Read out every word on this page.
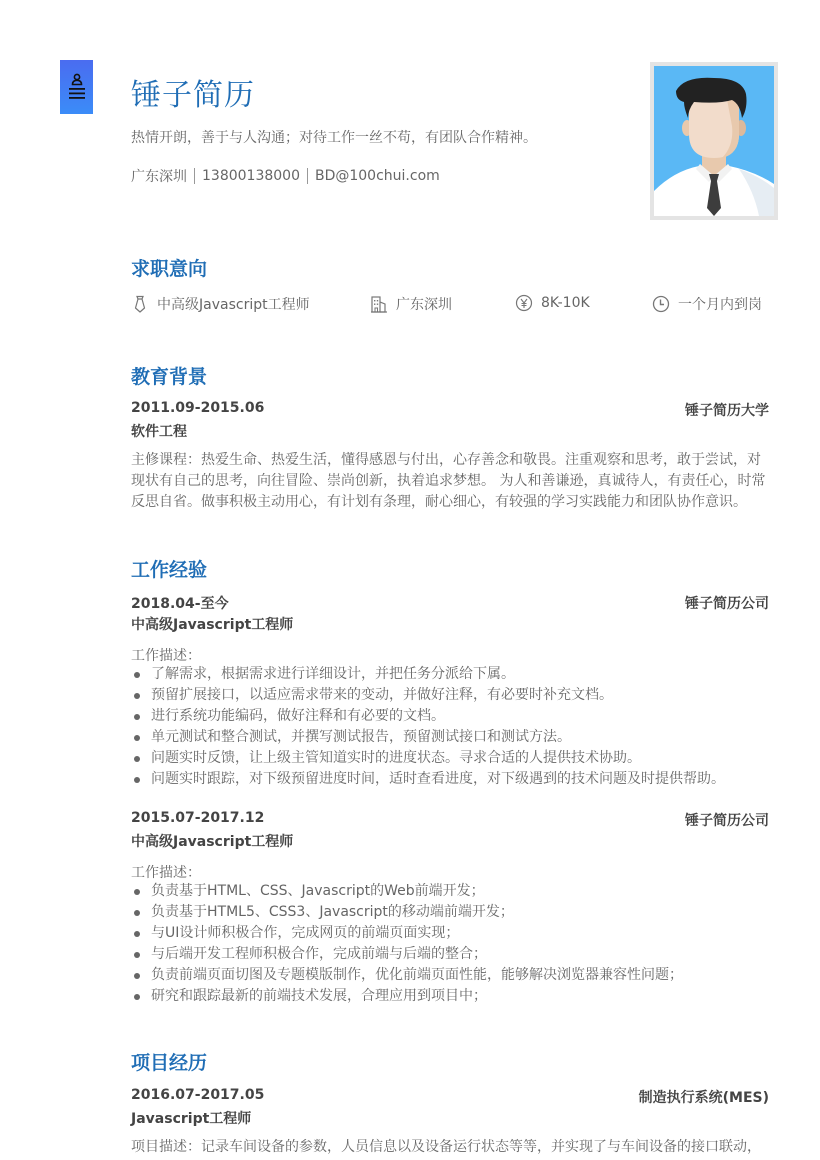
锤子简历
热情开朗，善于与人沟通；对待工作一丝不苟，有团队合作精神。
广东深圳 13800138000 BD@100chui.com
求职意向
中高级Javascript工程师	广东深圳	8K-10K	一个月内到岗
教育背景
2011.09-2015.06	锤子简历大学
软件工程
主修课程：热爱生命、热爱生活，懂得感恩与付出，心存善念和敬畏。注重观察和思考，敢于尝试，对现状有自己的思考，向往冒险、崇尚创新，执着追求梦想。 为人和善谦逊，真诚待人，有责任心，时常反思自省。做事积极主动用心，有计划有条理，耐心细心，有较强的学习实践能力和团队协作意识。
工作经验
2018.04-至今	锤子简历公司
中高级Javascript工程师
工作描述：
了解需求，根据需求进行详细设计，并把任务分派给下属。
预留扩展接口，以适应需求带来的变动，并做好注释，有必要时补充文档。
进行系统功能编码，做好注释和有必要的文档。
单元测试和整合测试，并撰写测试报告，预留测试接口和测试方法。
问题实时反馈，让上级主管知道实时的进度状态。寻求合适的人提供技术协助。
问题实时跟踪，对下级预留进度时间，适时查看进度，对下级遇到的技术问题及时提供帮助。
2015.07-2017.12	锤子简历公司
中高级Javascript工程师
工作描述：
负责基于HTML、CSS、Javascript的Web前端开发；
负责基于HTML5、CSS3、Javascript的移动端前端开发；
与UI设计师积极合作，完成网页的前端页面实现；
与后端开发工程师积极合作，完成前端与后端的整合；
负责前端页面切图及专题模版制作，优化前端页面性能，能够解决浏览器兼容性问题；
研究和跟踪最新的前端技术发展，合理应用到项目中；
项目经历
2016.07-2017.05	制造执行系统(MES)
Javascript工程师
项目描述：记录车间设备的参数，人员信息以及设备运行状态等等，并实现了与车间设备的接口联动，
